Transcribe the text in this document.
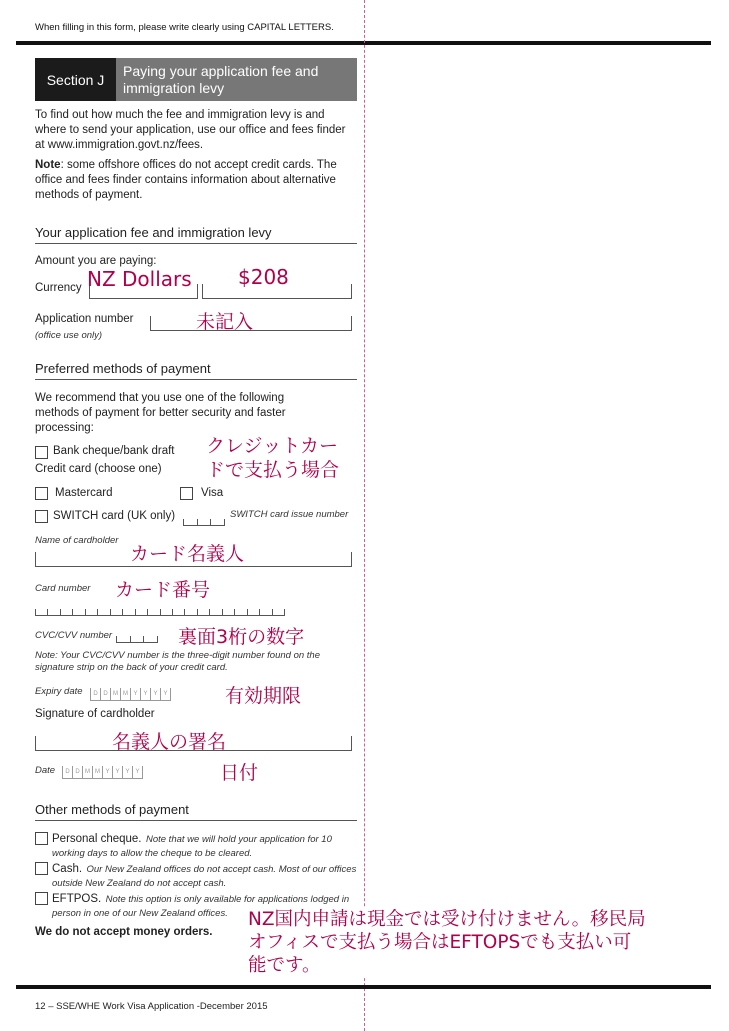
When filling in this form, please write clearly using CAPITAL LETTERS.
Section J
Paying your application fee and immigration levy
To find out how much the fee and immigration levy is and where to send your application, use our office and fees finder at www.immigration.govt.nz/fees.
Note: some offshore offices do not accept credit cards. The office and fees finder contains information about alternative methods of payment.
Your application fee and immigration levy
Amount you are paying:
Currency NZ Dollars $208
Application number
(office use only)
未記入
Preferred methods of payment
We recommend that you use one of the following methods of payment for better security and faster processing:
Bank cheque/bank draft
Credit card (choose one)
クレジットカードで支払う場合
Mastercard	Visa
SWITCH card (UK only)	SWITCH card issue number
Name of cardholder
カード名義人
Card number カード番号
CVC/CVV number	裏面3桁の数字
Note: Your CVC/CVV number is the three-digit number found on the signature strip on the back of your credit card.
Expiry date	D D M M Y Y Y Y	有効期限
Signature of cardholder
名義人の署名
Date	D D M M Y Y Y Y	日付
Other methods of payment
Personal cheque. Note that we will hold your application for 10 working days to allow the cheque to be cleared.
Cash. Our New Zealand offices do not accept cash. Most of our offices outside New Zealand do not accept cash.
EFTPOS. Note this option is only available for applications lodged in person in one of our New Zealand offices.
We do not accept money orders.
NZ国内申請は現金では受け付けません。移民局オフィスで支払う場合はEFTOPSでも支払い可能です。
12 – SSE/WHE Work Visa Application -December 2015
